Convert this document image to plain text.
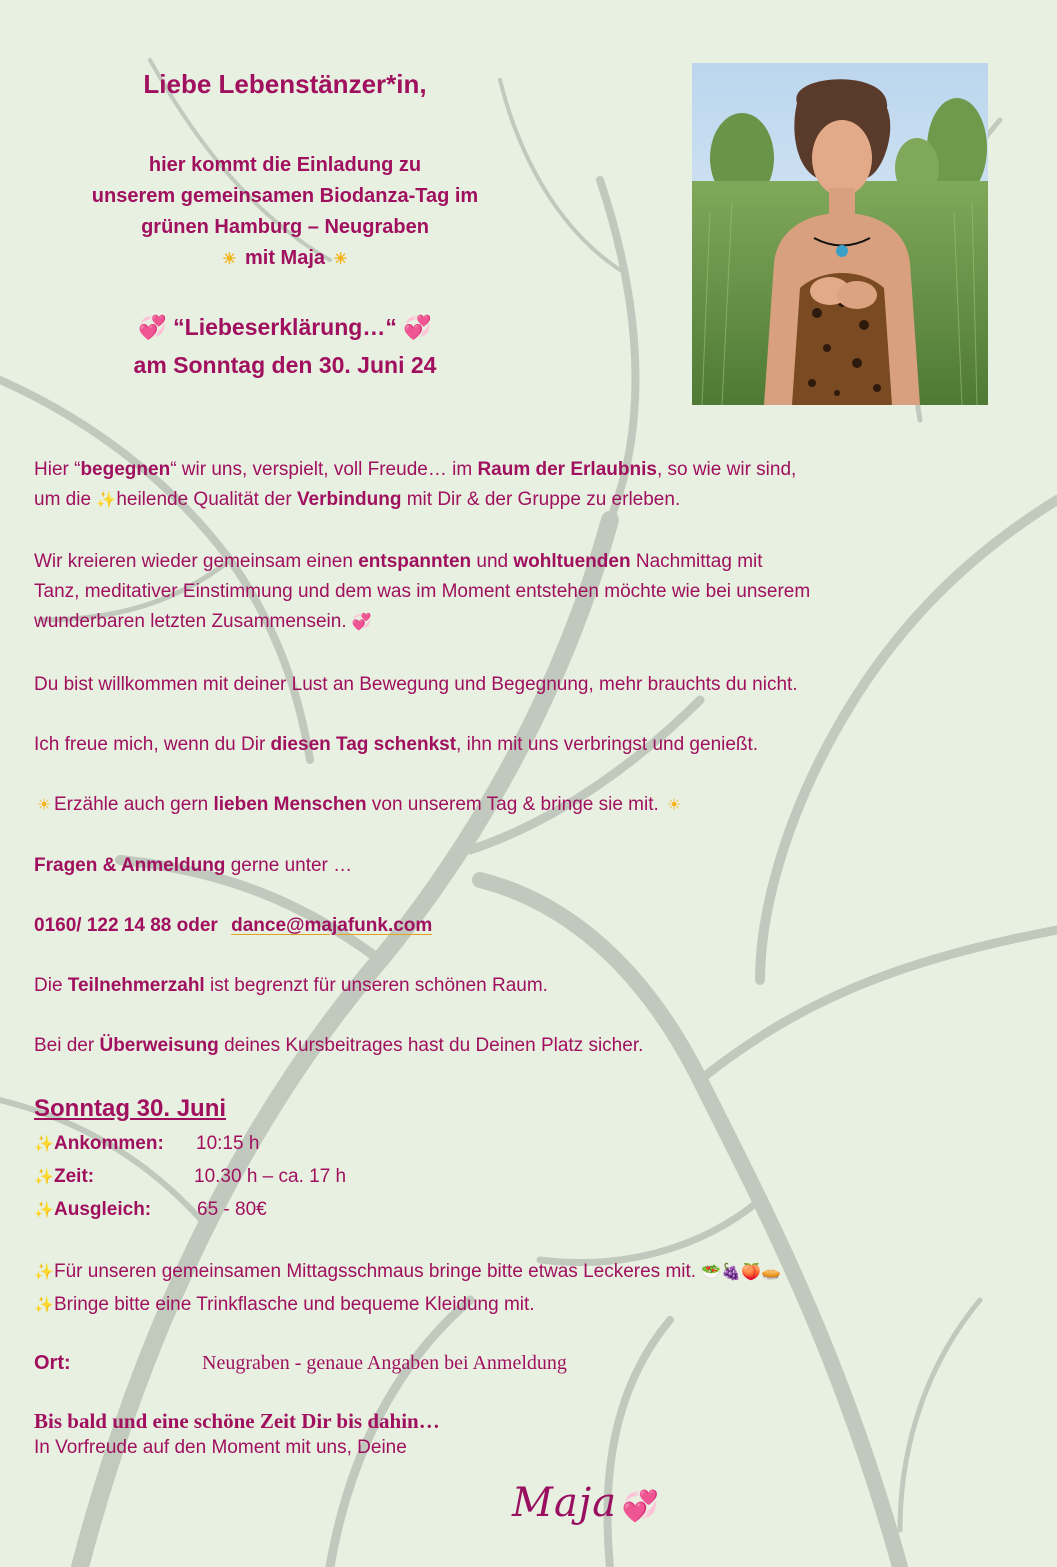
Liebe Lebenstänzer*in,
hier kommt die Einladung zu
unserem gemeinsamen Biodanza-Tag im
grünen Hamburg – Neugraben
☀ mit Maja ☀
💞 “Liebeserklärung…“ 💞
am Sonntag den 30. Juni 24
Hier “begegnen“ wir uns, verspielt, voll Freude… im Raum der Erlaubnis, so wie wir sind,
um die ✨heilende Qualität der Verbindung mit Dir & der Gruppe zu erleben.
Wir kreieren wieder gemeinsam einen entspannten und wohltuenden Nachmittag mit
Tanz, meditativer Einstimmung und dem was im Moment entstehen möchte wie bei unserem
wunderbaren letzten Zusammensein. 💞
Du bist willkommen mit deiner Lust an Bewegung und Begegnung, mehr brauchts du nicht.
Ich freue mich, wenn du Dir diesen Tag schenkst, ihn mit uns verbringst und genießt.
☀ Erzähle auch gern lieben Menschen von unserem Tag & bringe sie mit. ☀
Fragen & Anmeldung gerne unter …
0160/ 122 14 88 oder dance@majafunk.com
Die Teilnehmerzahl ist begrenzt für unseren schönen Raum.
Bei der Überweisung deines Kursbeitrages hast du Deinen Platz sicher.
Sonntag 30. Juni
✨Ankommen: 10:15 h
✨Zeit:	10.30 h – ca. 17 h
✨Ausgleich: 65 - 80€
✨Für unseren gemeinsamen Mittagsschmaus bringe bitte etwas Leckeres mit. 🥗🍇🍑🥧
✨Bringe bitte eine Trinkflasche und bequeme Kleidung mit.
Ort:	Neugraben - genaue Angaben bei Anmeldung
Bis bald und eine schöne Zeit Dir bis dahin…
In Vorfreude auf den Moment mit uns, Deine
Maja 💞
